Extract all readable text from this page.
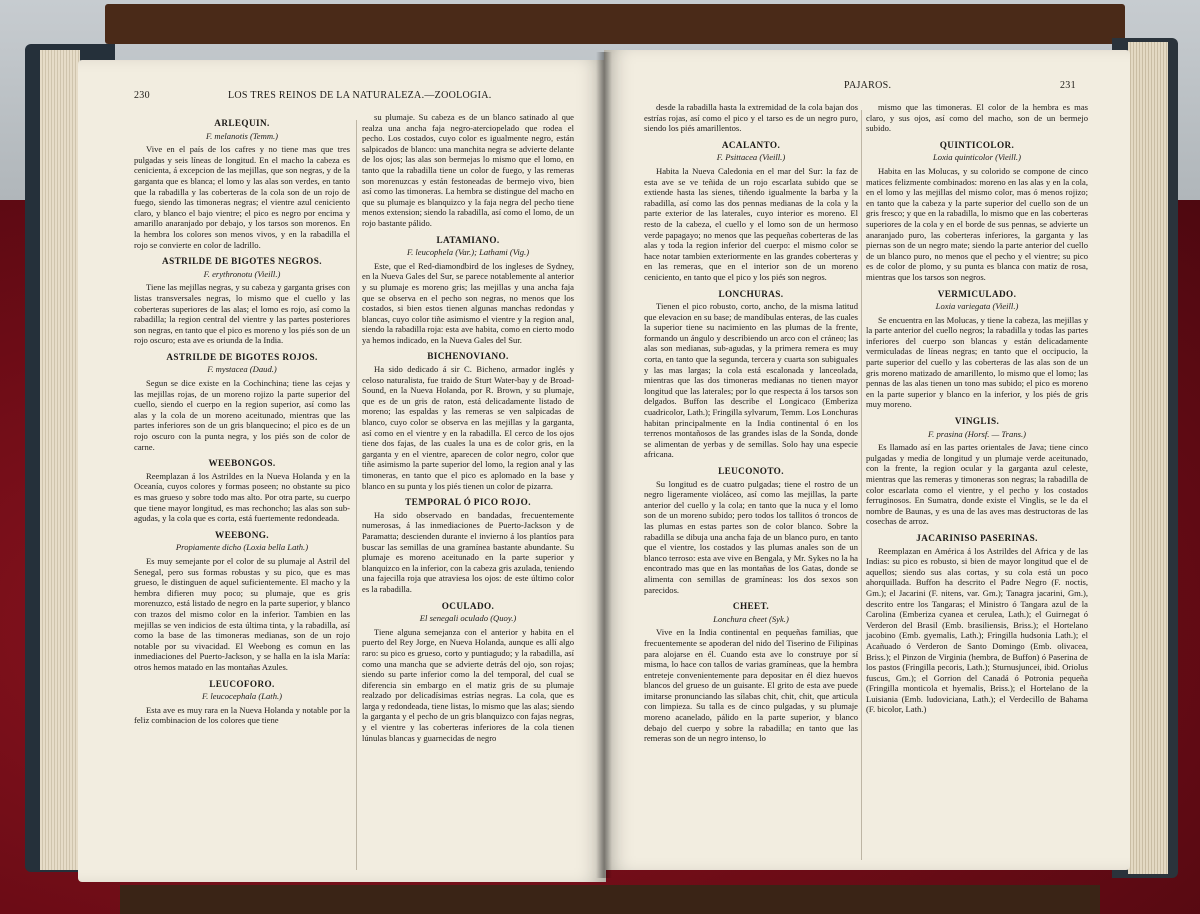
230	LOS TRES REINOS DE LA NATURALEZA.—ZOOLOGIA.
ARLEQUIN.

F. melanotis (Temm.)

Vive en el país de los cafres y no tiene mas que tres pulgadas y seis líneas de longitud. En el macho la cabeza es cenicienta, á excepcion de las mejillas, que son negras, y de la garganta que es blanca; el lomo y las alas son verdes, en tanto que la rabadilla y las coberteras de la cola son de un rojo de fuego, siendo las timoneras negras; el vientre azul ceniciento claro, y blanco el bajo vientre; el pico es negro por encima y amarillo anaranjado por debajo, y los tarsos son morenos. En la hembra los colores son menos vivos, y en la rabadilla el rojo se convierte en color de ladrillo.

ASTRILDE DE BIGOTES NEGROS.

F. erythronotu (Vieill.)

Tiene las mejillas negras, y su cabeza y garganta grises con listas transversales negras, lo mismo que el cuello y las coberteras superiores de las alas; el lomo es rojo, así como la rabadilla; la region central del vientre y las partes posteriores son negras, en tanto que el pico es moreno y los piés son de un rojo oscuro; esta ave es oriunda de la India.

ASTRILDE DE BIGOTES ROJOS.

F. mystacea (Daud.)

Segun se dice existe en la Cochinchina; tiene las cejas y las mejillas rojas, de un moreno rojizo la parte superior del cuello, siendo el cuerpo en la region superior, así como las alas y la cola de un moreno aceitunado, mientras que las partes inferiores son de un gris blanquecino; el pico es de un rojo oscuro con la punta negra, y los piés son de color de carne.

WEEBONGOS.

Reemplazan á los Astrildes en la Nueva Holanda y en la Oceanía, cuyos colores y formas poseen; no obstante su pico es mas grueso y sobre todo mas alto. Por otra parte, su cuerpo que tiene mayor longitud, es mas rechoncho; las alas son sub-agudas, y la cola que es corta, está fuertemente redondeada.

WEEBONG.

Propiamente dicho (Loxia bella Lath.)

Es muy semejante por el color de su plumaje al Astril del Senegal, pero sus formas robustas y su pico, que es mas grueso, le distinguen de aquel suficientemente. El macho y la hembra difieren muy poco; su plumaje, que es gris morenuzco, está listado de negro en la parte superior, y blanco con trazos del mismo color en la inferior. Tambien en las mejillas se ven indicios de esta última tinta, y la rabadilla, así como la base de las timoneras medianas, son de un rojo notable por su vivacidad. El Weebong es comun en las inmediaciones del Puerto-Jackson, y se halla en la isla María: otros hemos matado en las montañas Azules.

LEUCOFORO.

F. leucocephala (Lath.)

Esta ave es muy rara en la Nueva Holanda y notable por la feliz combinacion de los colores que tiene

su plumaje. Su cabeza es de un blanco satinado al que realza una ancha faja negro-aterciopelado que rodea el pecho. Los costados, cuyo color es igualmente negro, están salpicados de blanco: una manchita negra se advierte delante de los ojos; las alas son bermejas lo mismo que el lomo, en tanto que la rabadilla tiene un color de fuego, y las remeras son morenuzcas y están festoneadas de bermejo vivo, bien así como las timoneras. La hembra se distingue del macho en que su plumaje es blanquizco y la faja negra del pecho tiene menos extension; siendo la rabadilla, así como el lomo, de un rojo bastante pálido.

LATAMIANO.

F. leucophela (Var.); Lathami (Vig.)

Este, que el Red-diamondbird de los ingleses de Sydney, en la Nueva Gales del Sur, se parece notablemente al anterior y su plumaje es moreno gris; las mejillas y una ancha faja que se observa en el pecho son negras, no menos que los costados, si bien estos tienen algunas manchas redondas y blancas, cuyo color tiñe asimismo el vientre y la region anal, siendo la rabadilla roja: esta ave habita, como en cierto modo ya hemos indicado, en la Nueva Gales del Sur.

BICHENOVIANO.

Ha sido dedicado á sir C. Bicheno, armador inglés y celoso naturalista, fue traido de Sturt Water-bay y de Broad-Sound, en la Nueva Holanda, por R. Brown, y su plumaje, que es de un gris de raton, está delicadamente listado de moreno; las espaldas y las remeras se ven salpicadas de blanco, cuyo color se observa en las mejillas y la garganta, así como en el vientre y en la rabadilla. El cerco de los ojos tiene dos fajas, de las cuales la una es de color gris, en la garganta y en el vientre, aparecen de color negro, color que tiñe asimismo la parte superior del lomo, la region anal y las timoneras, en tanto que el pico es aplomado en la base y blanco en su punta y los piés tienen un color de pizarra.

TEMPORAL Ó PICO ROJO.

Ha sido observado en bandadas, frecuentemente numerosas, á las inmediaciones de Puerto-Jackson y de Paramatta; descienden durante el invierno á los plantíos para buscar las semillas de una gramínea bastante abundante. Su plumaje es moreno aceitunado en la parte superior y blanquizco en la inferior, con la cabeza gris azulada, teniendo una fajecilla roja que atraviesa los ojos: de este último color es la rabadilla.

OCULADO.

El senegali oculado (Quoy.)

Tiene alguna semejanza con el anterior y habita en el puerto del Rey Jorge, en Nueva Holanda, aunque es allí algo raro: su pico es grueso, corto y puntiagudo; y la rabadilla, así como una mancha que se advierte detrás del ojo, son rojas; siendo su parte inferior como la del temporal, del cual se diferencia sin embargo en el matiz gris de su plumaje realzado por delicadísimas estrías negras. La cola, que es larga y redondeada, tiene listas, lo mismo que las alas; siendo la garganta y el pecho de un gris blanquizco con fajas negras, y el vientre y las coberteras inferiores de la cola tienen lúnulas blancas y guarnecidas de negro

PAJAROS.	231

desde la rabadilla hasta la extremidad de la cola bajan dos estrías rojas, así como el pico y el tarso es de un negro puro, siendo los piés amarillentos.

ACALANTO.

F. Psittacea (Vieill.)

Habita la Nueva Caledonia en el mar del Sur: la faz de esta ave se ve teñida de un rojo escarlata subido que se extiende hasta las sienes, tiñendo igualmente la barba y la rabadilla, así como las dos pennas medianas de la cola y la parte exterior de las laterales, cuyo interior es moreno. El resto de la cabeza, el cuello y el lomo son de un hermoso verde papagayo; no menos que las pequeñas coberteras de las alas y toda la region inferior del cuerpo: el mismo color se hace notar tambien exteriormente en las grandes coberteras y en las remeras, que en el interior son de un moreno ceniciento, en tanto que el pico y los piés son negros.

LONCHURAS.

Tienen el pico robusto, corto, ancho, de la misma latitud que elevacion en su base; de mandíbulas enteras, de las cuales la superior tiene su nacimiento en las plumas de la frente, formando un ángulo y describiendo un arco con el cráneo; las alas son medianas, sub-agudas, y la primera remera es muy corta, en tanto que la segunda, tercera y cuarta son subiguales y las mas largas; la cola está escalonada y lanceolada, mientras que las dos timoneras medianas no tienen mayor longitud que las laterales; por lo que respecta á los tarsos son delgados. Buffon las describe el Longicaco (Emberiza cuadricolor, Lath.); Fringilla sylvarum, Temm. Los Lonchuras habitan principalmente en la India continental ó en los terrenos montañosos de las grandes islas de la Sonda, donde se alimentan de yerbas y de semillas. Solo hay una especie africana.

LEUCONOTO.

Su longitud es de cuatro pulgadas; tiene el rostro de un negro ligeramente violáceo, así como las mejillas, la parte anterior del cuello y la cola; en tanto que la nuca y el lomo son de un moreno subido; pero todos los tallitos ó troncos de las plumas en estas partes son de color blanco. Sobre la rabadilla se dibuja una ancha faja de un blanco puro, en tanto que el vientre, los costados y las plumas anales son de un blanco terroso: esta ave vive en Bengala, y Mr. Sykes no la ha encontrado mas que en las montañas de los Gatas, donde se alimenta con semillas de gramíneas: los dos sexos son parecidos.

CHEET.

Lonchura cheet (Syk.)

Vive en la India continental en pequeñas familias, que frecuentemente se apoderan del nido del Tiserino de Filipinas para alojarse en él. Cuando esta ave lo construye por sí misma, lo hace con tallos de varias gramíneas, que la hembra entreteje convenientemente para depositar en él diez huevos blancos del grueso de un guisante. El grito de esta ave puede imitarse pronunciando las sílabas chit, chit, chit, que articula con limpieza. Su talla es de cinco pulgadas, y su plumaje moreno acanelado, pálido en la parte superior, y blanco debajo del cuerpo y sobre la rabadilla; en tanto que las remeras son de un negro intenso, lo

mismo que las timoneras. El color de la hembra es mas claro, y sus ojos, así como del macho, son de un bermejo subido.

QUINTICOLOR.

Loxia quinticolor (Vieill.)

Habita en las Molucas, y su colorido se compone de cinco matices felizmente combinados: moreno en las alas y en la cola, en el lomo y las mejillas del mismo color, mas ó menos rojizo; en tanto que la cabeza y la parte superior del cuello son de un gris fresco; y que en la rabadilla, lo mismo que en las coberteras superiores de la cola y en el borde de sus pennas, se advierte un anaranjado puro, las coberteras inferiores, la garganta y las piernas son de un negro mate; siendo la parte anterior del cuello de un blanco puro, no menos que el pecho y el vientre; su pico es de color de plomo, y su punta es blanca con matiz de rosa, mientras que los tarsos son negros.

VERMICULADO.

Loxia variegata (Vieill.)

Se encuentra en las Molucas, y tiene la cabeza, las mejillas y la parte anterior del cuello negros; la rabadilla y todas las partes inferiores del cuerpo son blancas y están delicadamente vermiculadas de líneas negras; en tanto que el occipucio, la parte superior del cuello y las coberteras de las alas son de un gris moreno matizado de amarillento, lo mismo que el lomo; las pennas de las alas tienen un tono mas subido; el pico es moreno en la parte superior y blanco en la inferior, y los piés de gris muy moreno.

VINGLIS.

F. prasina (Horsf. — Trans.)

Es llamado así en las partes orientales de Java; tiene cinco pulgadas y media de longitud y un plumaje verde aceitunado, con la frente, la region ocular y la garganta azul celeste, mientras que las remeras y timoneras son negras; la rabadilla de color escarlata como el vientre, y el pecho y los costados ferruginosos. En Sumatra, donde existe el Vinglis, se le da el nombre de Baunas, y es una de las aves mas destructoras de las cosechas de arroz.

JACARINISO PASERINAS.

Reemplazan en América á los Astrildes del Africa y de las Indias: su pico es robusto, si bien de mayor longitud que el de aquellos; siendo sus alas cortas, y su cola está un poco ahorquillada. Buffon ha descrito el Padre Negro (F. noctis, Gm.); el Jacarini (F. nitens, var. Gm.); Tanagra jacarini, Gm.), descrito entre los Tangaras; el Ministro ó Tangara azul de la Carolina (Emberiza cyanea et cerulea, Lath.); el Guirnegat ó Verderon del Brasil (Emb. brasiliensis, Briss.); el Hortelano jacobino (Emb. gyemalis, Lath.); Fringilla hudsonia Lath.); el Acañuado ó Verderon de Santo Domingo (Emb. olivacea, Briss.); el Pinzon de Virginia (hembra, de Buffon) ó Paserina de los pastos (Fringilla pecoris, Lath.); Sturnusjuncei, ibid. Oriolus fuscus, Gm.); el Gorrion del Canadá ó Potronia pequeña (Fringilla monticola et hyemalis, Briss.); el Hortelano de la Luisiania (Emb. ludoviciana, Lath.); el Verdecillo de Bahama (F. bicolor, Lath.)
